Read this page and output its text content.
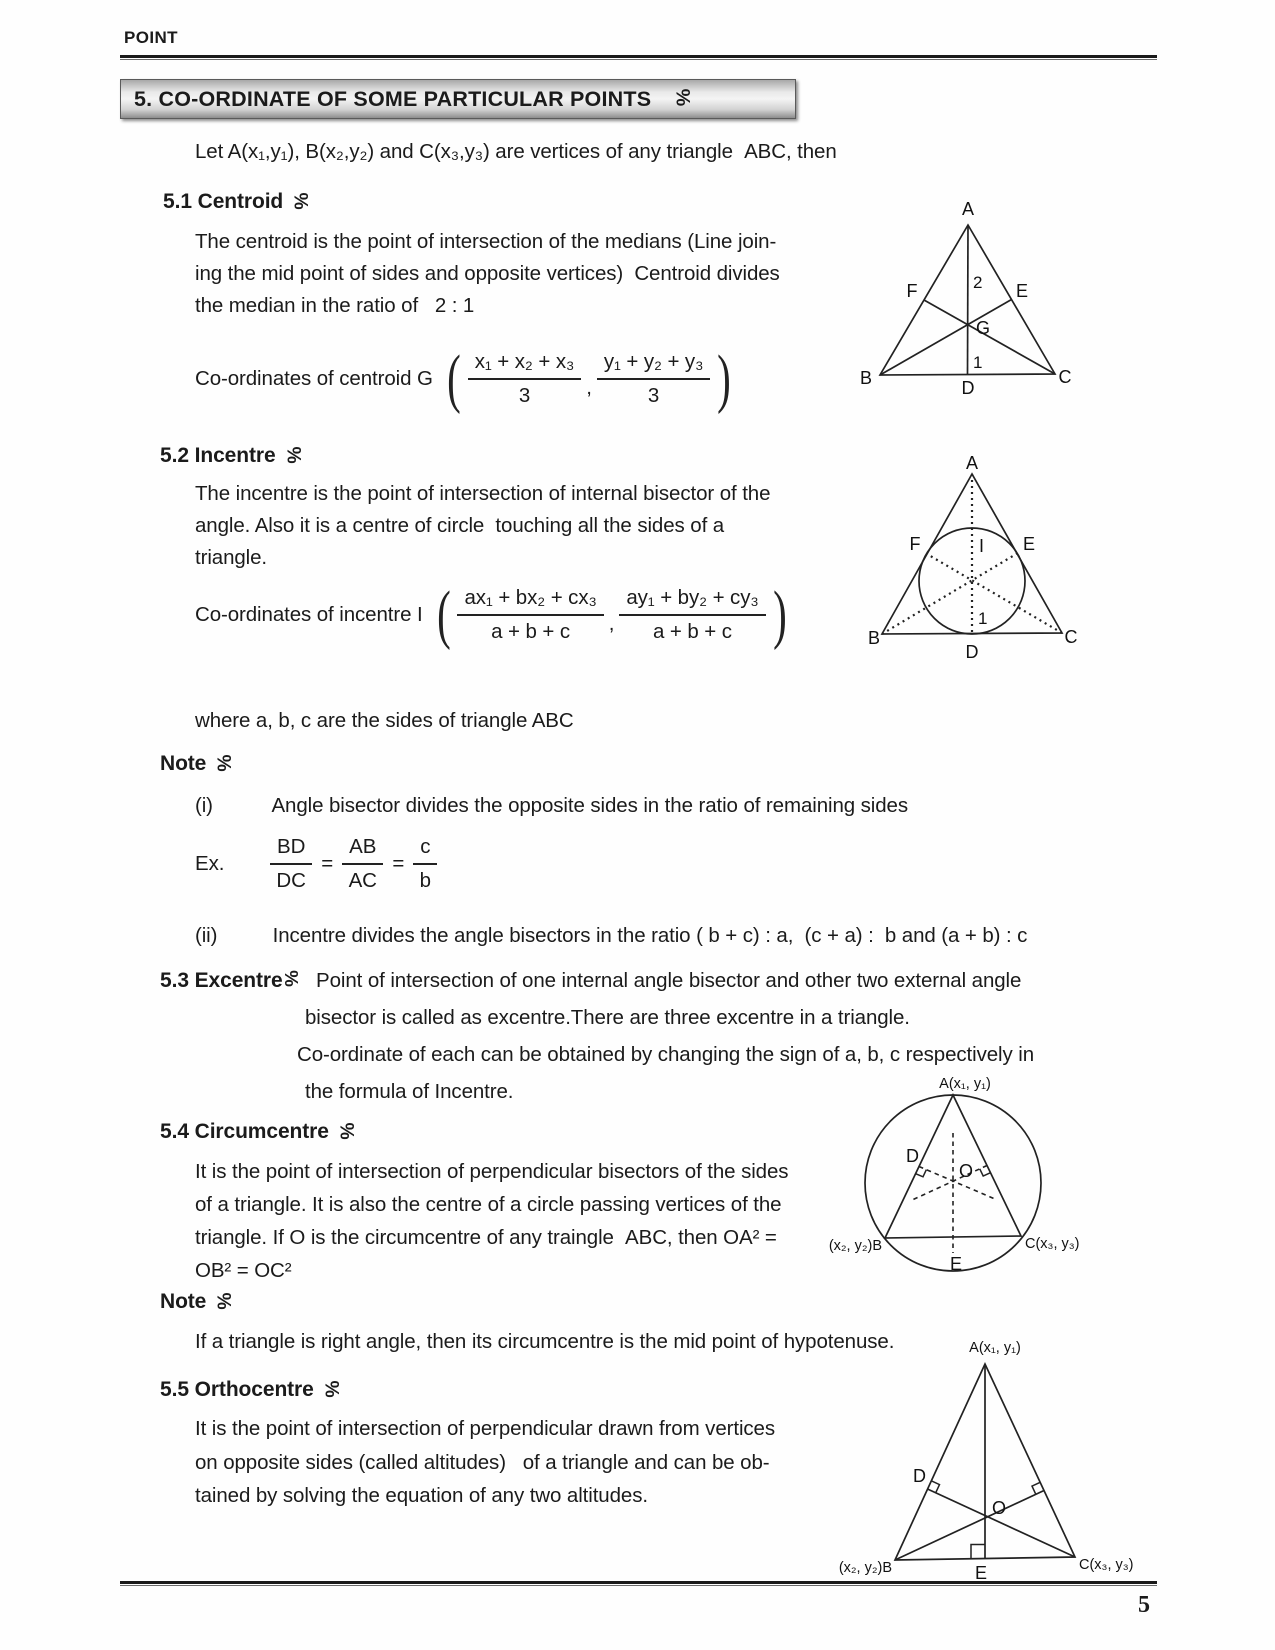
POINT
5. CO-ORDINATE OF SOME PARTICULAR POINTS %
Let A(x₁,y₁), B(x₂,y₂) and C(x₃,y₃) are vertices of any triangle  ABC, then
5.1 Centroid %
The centroid is the point of intersection of the medians (Line join-
ing the mid point of sides and opposite vertices)  Centroid divides
the median in the ratio of   2 : 1
Co-ordinates of centroid G ( $\frac{\text{x₁ + x₂ + x₃}}{3}$ , $\frac{\text{y₁ + y₂ + y₃}}{3}$ )
A
B	C
D
E
F
G
2
1
5.2 Incentre %
The incentre is the point of intersection of internal bisector of the
angle. Also it is a centre of circle  touching all the sides of a
triangle.
Co-ordinates of incentre I ( $\frac{\text{ax₁ + bx₂ + cx₃}}{a + b + c}$ , $\frac{\text{ay₁ + by₂ + cy₃}}{a + b + c}$ )
A
B	C
D
E
F	I
1
where a, b, c are the sides of triangle ABC
Note %
(i)	Angle bisector divides the opposite sides in the ratio of remaining sides
Ex.	$\frac{BD}{DC} = \frac{AB}{AC} = \frac{c}{b}$
(ii)	Incentre divides the angle bisectors in the ratio ( b + c) : a,  (c + a) :  b and (a + b) : c
5.3 Excentre% Point of intersection of one internal angle bisector and other two external angle
bisector is called as excentre.There are three excentre in a triangle.
Co-ordinate of each can be obtained by changing the sign of a, b, c respectively in
the formula of Incentre.
5.4 Circumcentre %
It is the point of intersection of perpendicular bisectors of the sides
of a triangle. It is also the centre of a circle passing vertices of the
triangle. If O is the circumcentre of any traingle  ABC, then OA² =
OB² = OC²
A(x₁, y₁)
(x₂, y₂)B	C(x₃, y₃)
D
O
E
Note %
If a triangle is right angle, then its circumcentre is the mid point of hypotenuse.
5.5 Orthocentre %
It is the point of intersection of perpendicular drawn from vertices
on opposite sides (called altitudes)   of a triangle and can be ob-
tained by solving the equation of any two altitudes.
A(x₁, y₁)
(x₂, y₂)B	C(x₃, y₃)
D
O
E
5
